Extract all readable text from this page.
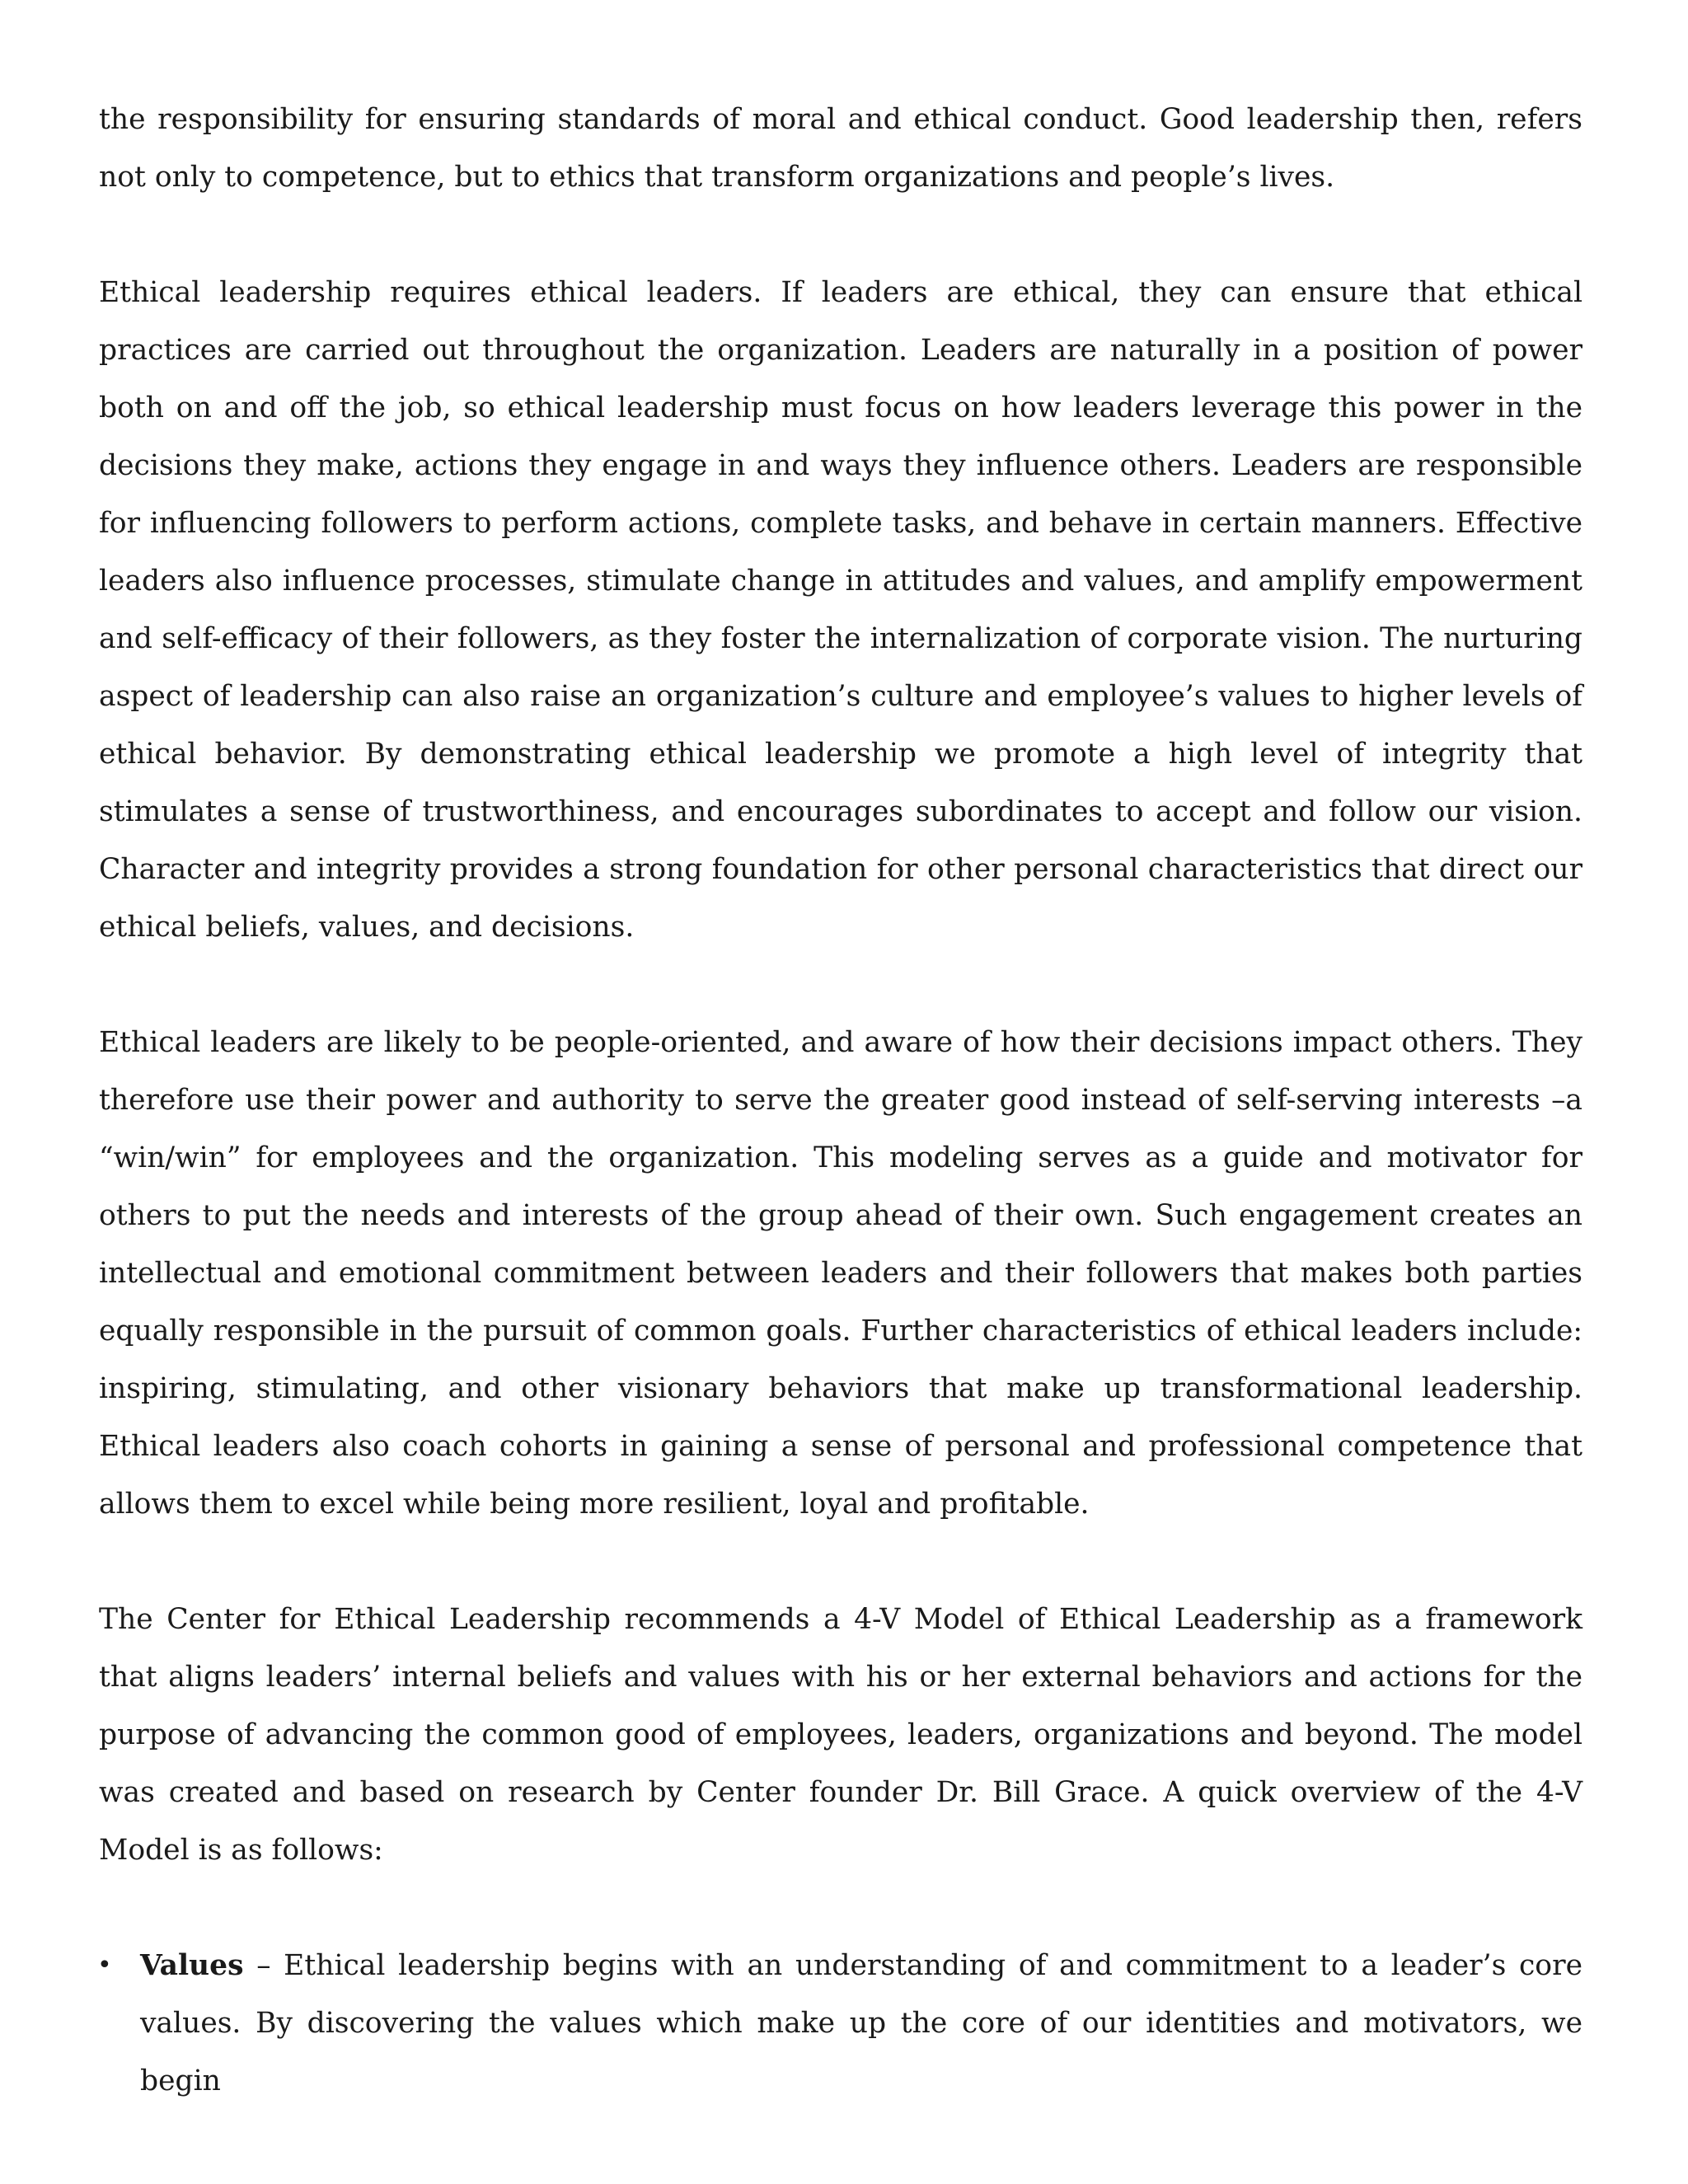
the responsibility for ensuring standards of moral and ethical conduct. Good leadership then, refers not only to competence, but to ethics that transform organizations and people’s lives.

Ethical leadership requires ethical leaders. If leaders are ethical, they can ensure that ethical practices are carried out throughout the organization. Leaders are naturally in a position of power both on and off the job, so ethical leadership must focus on how leaders leverage this power in the decisions they make, actions they engage in and ways they influence others. Leaders are responsible for influencing followers to perform actions, complete tasks, and behave in certain manners. Effective leaders also influence processes, stimulate change in attitudes and values, and amplify empowerment and self-efficacy of their followers, as they foster the internalization of corporate vision. The nurturing aspect of leadership can also raise an organization’s culture and employee’s values to higher levels of ethical behavior. By demonstrating ethical leadership we promote a high level of integrity that stimulates a sense of trustworthiness, and encourages subordinates to accept and follow our vision. Character and integrity provides a strong foundation for other personal characteristics that direct our ethical beliefs, values, and decisions.

Ethical leaders are likely to be people-oriented, and aware of how their decisions impact others. They therefore use their power and authority to serve the greater good instead of self-serving interests –a “win/win” for employees and the organization. This modeling serves as a guide and motivator for others to put the needs and interests of the group ahead of their own. Such engagement creates an intellectual and emotional commitment between leaders and their followers that makes both parties equally responsible in the pursuit of common goals. Further characteristics of ethical leaders include: inspiring, stimulating, and other visionary behaviors that make up transformational leadership. Ethical leaders also coach cohorts in gaining a sense of personal and professional competence that allows them to excel while being more resilient, loyal and profitable.

The Center for Ethical Leadership recommends a 4-V Model of Ethical Leadership as a framework that aligns leaders’ internal beliefs and values with his or her external behaviors and actions for the purpose of advancing the common good of employees, leaders, organizations and beyond. The model was created and based on research by Center founder Dr. Bill Grace. A quick overview of the 4-V Model is as follows:

• Values – Ethical leadership begins with an understanding of and commitment to a leader’s core values. By discovering the values which make up the core of our identities and motivators, we begin
